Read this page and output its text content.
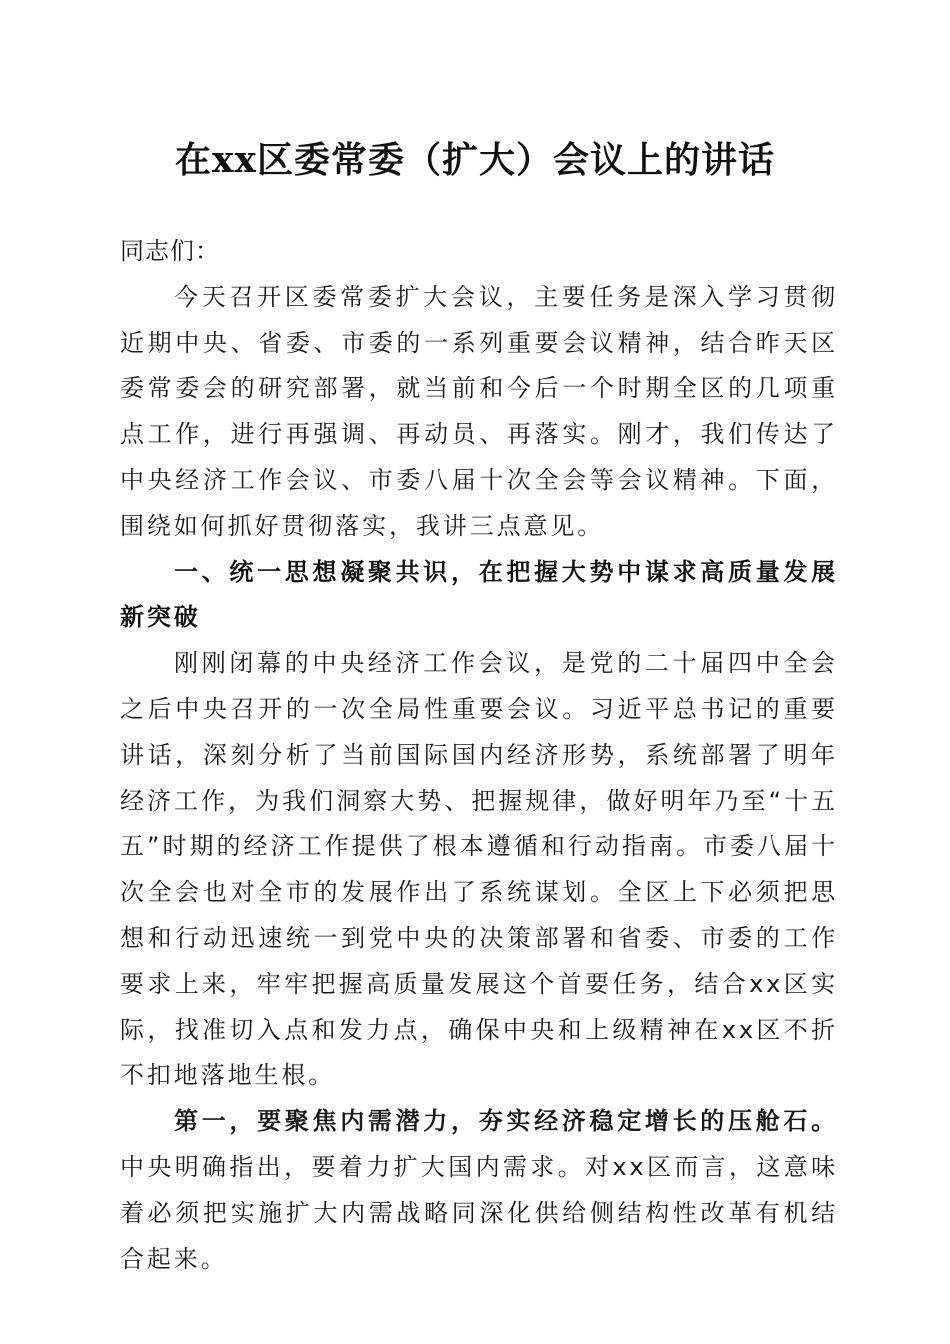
在xx区委常委（扩大）会议上的讲话

同志们：

今天召开区委常委扩大会议，主要任务是深入学习贯彻近期中央、省委、市委的一系列重要会议精神，结合昨天区委常委会的研究部署，就当前和今后一个时期全区的几项重点工作，进行再强调、再动员、再落实。刚才，我们传达了中央经济工作会议、市委八届十次全会等会议精神。下面，围绕如何抓好贯彻落实，我讲三点意见。

一、统一思想凝聚共识，在把握大势中谋求高质量发展新突破

刚刚闭幕的中央经济工作会议，是党的二十届四中全会之后中央召开的一次全局性重要会议。习近平总书记的重要讲话，深刻分析了当前国际国内经济形势，系统部署了明年经济工作，为我们洞察大势、把握规律，做好明年乃至“十五五”时期的经济工作提供了根本遵循和行动指南。市委八届十次全会也对全市的发展作出了系统谋划。全区上下必须把思想和行动迅速统一到党中央的决策部署和省委、市委的工作要求上来，牢牢把握高质量发展这个首要任务，结合xx区实际，找准切入点和发力点，确保中央和上级精神在xx区不折不扣地落地生根。

第一，要聚焦内需潜力，夯实经济稳定增长的压舱石。中央明确指出，要着力扩大国内需求。对xx区而言，这意味着必须把实施扩大内需战略同深化供给侧结构性改革有机结合起来。
